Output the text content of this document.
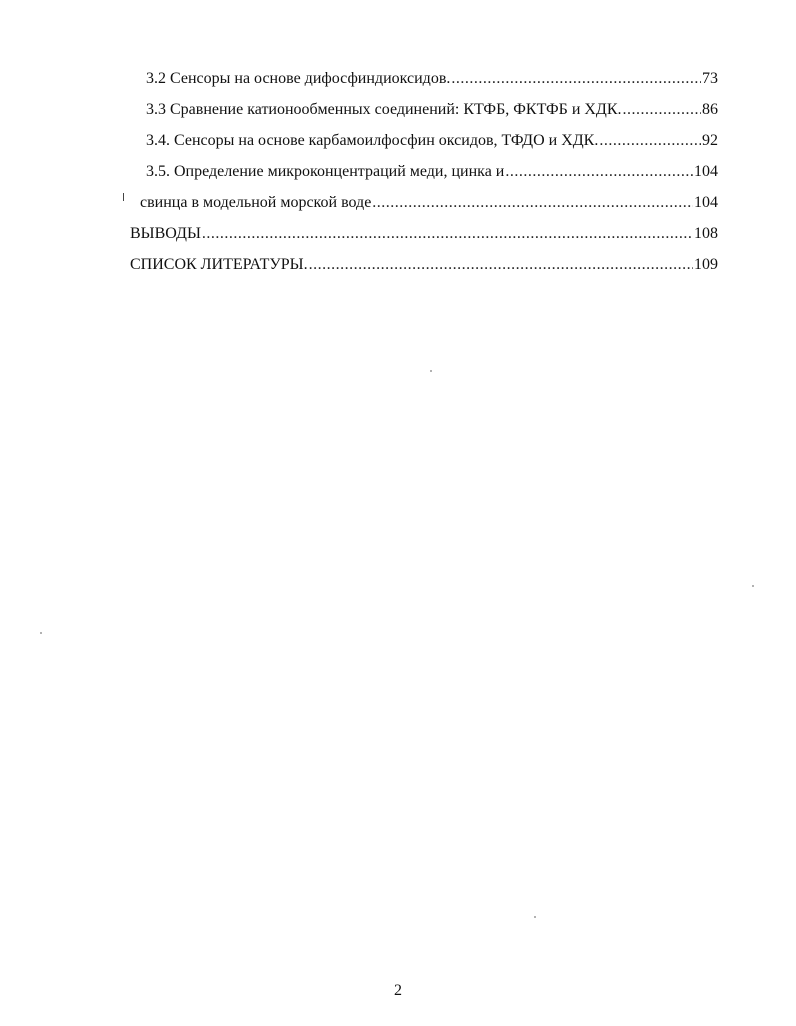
3.2 Сенсоры на основе дифосфиндиоксидов. .....	73
3.3 Сравнение катионообменных соединений: КТФБ, ФКТФБ и ХДК. .....	86
3.4. Сенсоры на основе карбамоилфосфин оксидов, ТФДО и ХДК. .....	92
3.5. Определение микроконцентраций меди, цинка и .....	104
свинца в модельной морской воде .....	104
ВЫВОДЫ .....	108
СПИСОК ЛИТЕРАТУРЫ. .....	109
2
